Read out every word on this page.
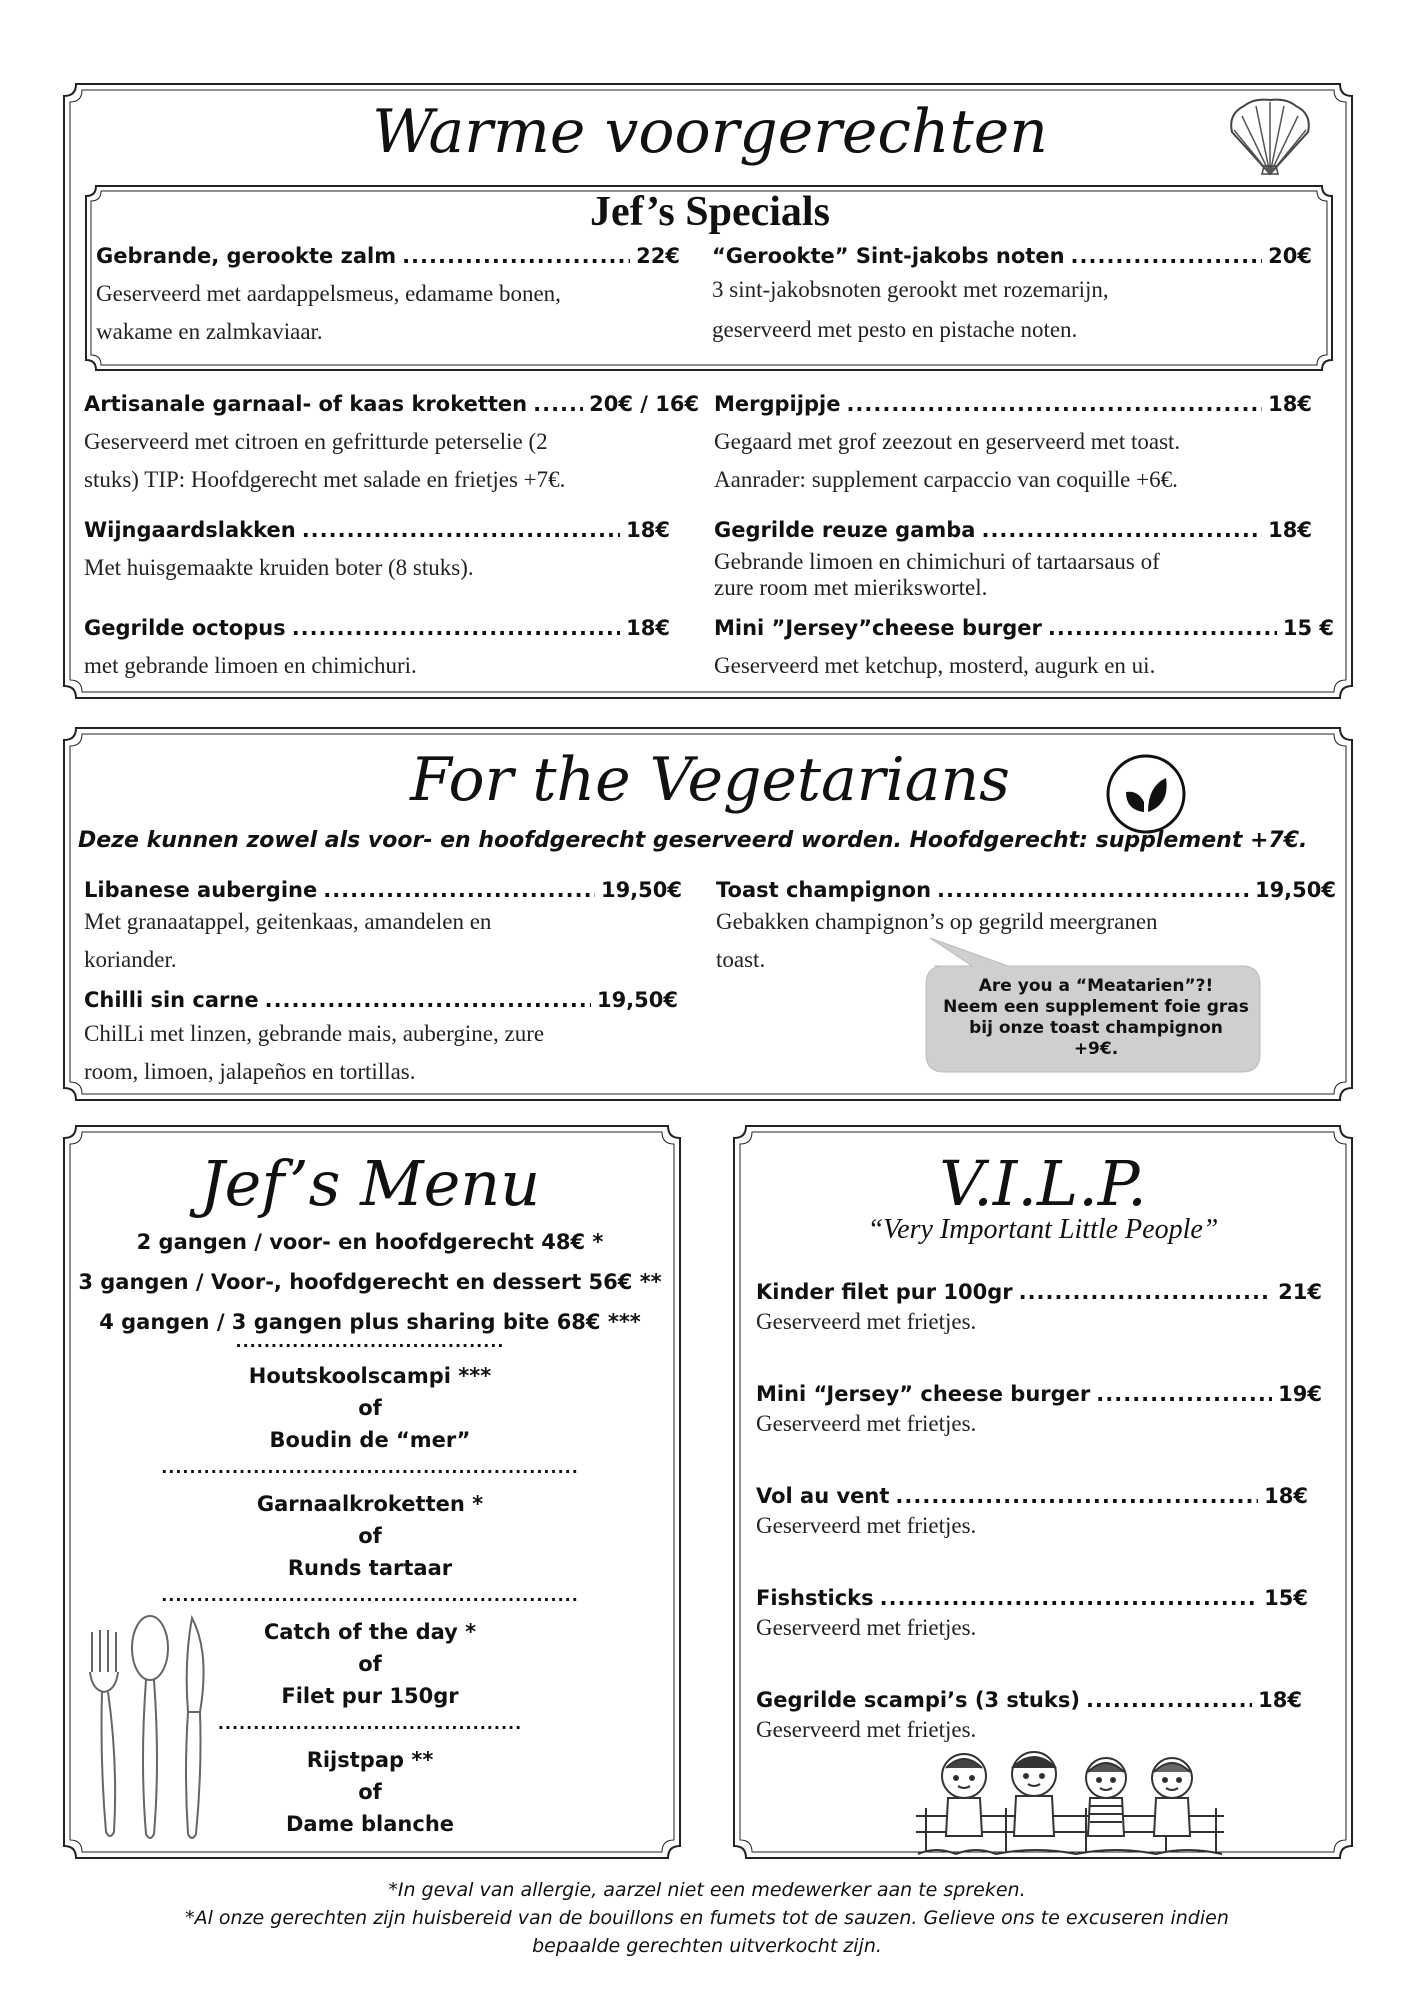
Warme voorgerechten
Jef’s Specials
Gebrande, gerookte zalm .....	22€
Geserveerd met aardappelsmeus, edamame bonen,
wakame en zalmkaviaar.
“Gerookte” Sint-jakobs noten .....	20€
3 sint-jakobsnoten gerookt met rozemarijn,
geserveerd met pesto en pistache noten.
Artisanale garnaal- of kaas kroketten .....	20€ / 16€
Geserveerd met citroen en gefritturde peterselie (2
stuks) TIP: Hoofdgerecht met salade en frietjes +7€.
Wijngaardslakken .....	18€
Met huisgemaakte kruiden boter (8 stuks).
Gegrilde octopus .....	18€
met gebrande limoen en chimichuri.
Mergpijpje .....	18€
Gegaard met grof zeezout en geserveerd met toast.
Aanrader: supplement carpaccio van coquille +6€.
Gegrilde reuze gamba .....	18€
Gebrande limoen en chimichuri of tartaarsaus of
zure room met mierikswortel.
Mini ”Jersey”cheese burger .....	15 €
Geserveerd met ketchup, mosterd, augurk en ui.
For the Vegetarians
Deze kunnen zowel als voor- en hoofdgerecht geserveerd worden. Hoofdgerecht: supplement +7€.
Libanese aubergine .....	19,50€
Met granaatappel, geitenkaas, amandelen en
koriander.
Chilli sin carne .....	19,50€
ChilLi met linzen, gebrande mais, aubergine, zure
room, limoen, jalapeños en tortillas.
Toast champignon .....	19,50€
Gebakken champignon’s op gegrild meergranen
toast.
Are you a “Meatarien”?!
Neem een supplement foie gras
bij onze toast champignon
+9€.
Jef’s Menu
2 gangen / voor- en hoofdgerecht 48€ *
3 gangen / Voor-, hoofdgerecht en dessert 56€ **
4 gangen / 3 gangen plus sharing bite 68€ ***
......................................
Houtskoolscampi ***
of
Boudin de “mer”
...........................................................
Garnaalkroketten *
of
Runds tartaar
...........................................................
Catch of the day *
of
Filet pur 150gr
...........................................
Rijstpap **
of
Dame blanche
V.I.L.P.
“Very Important Little People”
Kinder filet pur 100gr .....	21€
Geserveerd met frietjes.
Mini “Jersey” cheese burger .....	19€
Geserveerd met frietjes.
Vol au vent .....	18€
Geserveerd met frietjes.
Fishsticks .....	15€
Geserveerd met frietjes.
Gegrilde scampi’s (3 stuks) .....	18€
Geserveerd met frietjes.
*In geval van allergie, aarzel niet een medewerker aan te spreken.
*Al onze gerechten zijn huisbereid van de bouillons en fumets tot de sauzen. Gelieve ons te excuseren indien
bepaalde gerechten uitverkocht zijn.
